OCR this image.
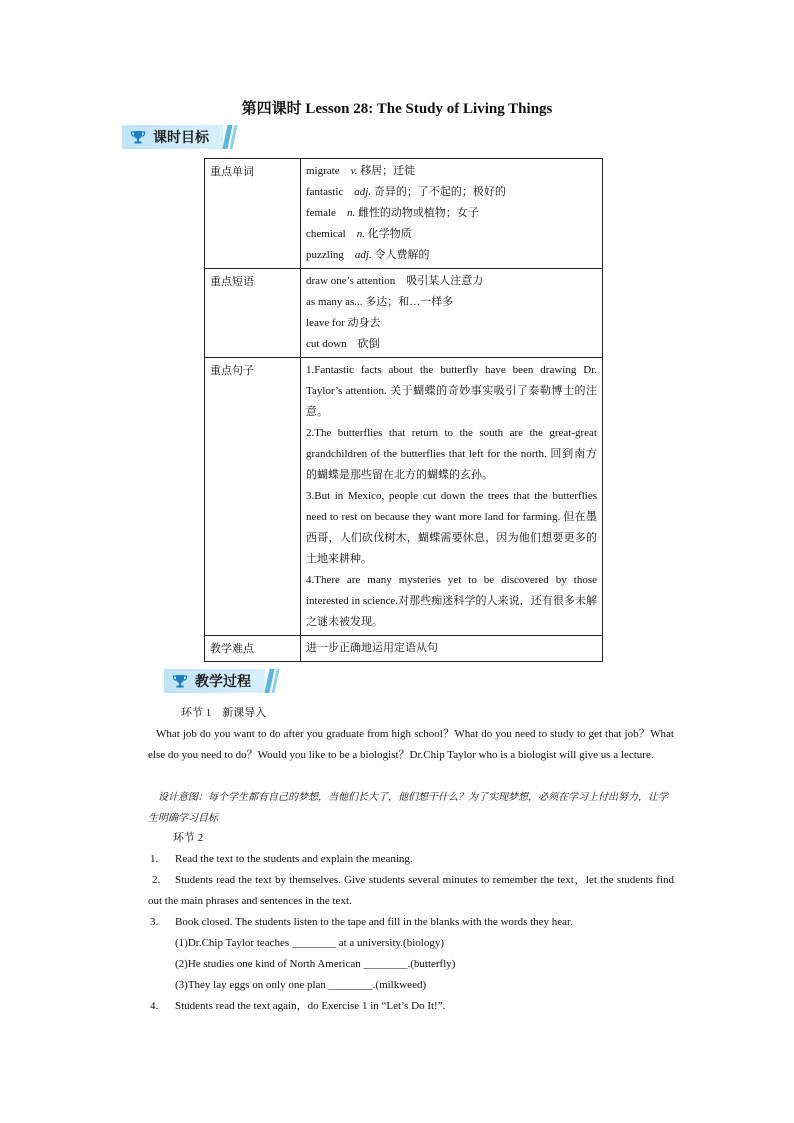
第四课时 Lesson 28: The Study of Living Things
课时目标
重点单词	migrate　 v. 移居；迁徙
fantastic　 adj. 奇异的；了不起的；极好的
female　 n. 雌性的动物或植物；女子
chemical　 n. 化学物质
puzzling　 adj. 令人费解的

重点短语	draw one’s attention　吸引某人注意力
as many as... 多达；和…一样多
leave for 动身去
cut down　砍倒

重点句子	1.Fantastic facts about the butterfly have been drawing Dr. Taylor’s attention. 关于蝴蝶的奇妙事实吸引了泰勒博士的注意。
2.The butterflies that return to the south are the great-great grandchildren of the butterflies that left for the north. 回到南方的蝴蝶是那些留在北方的蝴蝶的玄孙。
3.But in Mexico, people cut down the trees that the butterflies need to rest on because they want more land for farming. 但在墨西哥，人们砍伐树木，蝴蝶需要休息，因为他们想要更多的土地来耕种。
4.There are many mysteries yet to be discovered by those interested in science.对那些痴迷科学的人来说，还有很多未解之谜未被发现。

教学难点	进一步正确地运用定语从句
教学过程
环节 1　新课导入
What job do you want to do after you graduate from high school？What do you need to study to get that job？What else do you need to do？Would you like to be a biologist？Dr.Chip Taylor who is a biologist will give us a lecture.
设计意图：每个学生都有自己的梦想，当他们长大了，他们想干什么？为了实现梦想，必须在学习上付出努力，让学生明确学习目标
环节 2
1. Read the text to the students and explain the meaning.
2. Students read the text by themselves. Give students several minutes to remember the text，let the students find out the main phrases and sentences in the text.
3. Book closed. The students listen to the tape and fill in the blanks with the words they hear.
(1)Dr.Chip Taylor teaches ________ at a university.(biology)
(2)He studies one kind of North American ________.(butterfly)
(3)They lay eggs on only one plan ________.(milkweed)
4. Students read the text again，do Exercise 1 in “Let’s Do It!”.
